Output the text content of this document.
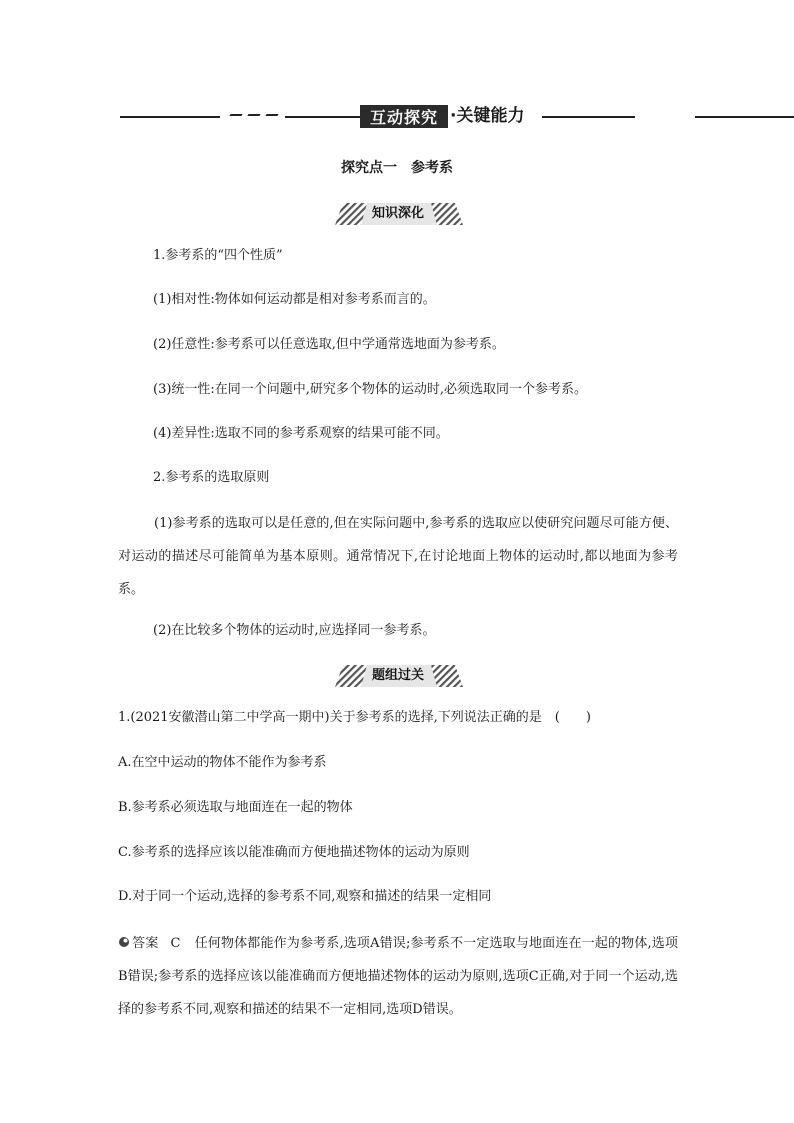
互动探究 ·关键能力
探究点一　参考系
知识深化
1.参考系的“四个性质”
(1)相对性:物体如何运动都是相对参考系而言的。
(2)任意性:参考系可以任意选取,但中学通常选地面为参考系。
(3)统一性:在同一个问题中,研究多个物体的运动时,必须选取同一个参考系。
(4)差异性:选取不同的参考系观察的结果可能不同。
2.参考系的选取原则
(1)参考系的选取可以是任意的,但在实际问题中,参考系的选取应以使研究问题尽可能方便、对运动的描述尽可能简单为基本原则。通常情况下,在讨论地面上物体的运动时,都以地面为参考系。
(2)在比较多个物体的运动时,应选择同一参考系。
题组过关
1.(2021安徽潜山第二中学高一期中)关于参考系的选择,下列说法正确的是　(　　)
A.在空中运动的物体不能作为参考系
B.参考系必须选取与地面连在一起的物体
C.参考系的选择应该以能准确而方便地描述物体的运动为原则
D.对于同一个运动,选择的参考系不同,观察和描述的结果一定相同
答案 C 任何物体都能作为参考系,选项A错误;参考系不一定选取与地面连在一起的物体,选项B错误;参考系的选择应该以能准确而方便地描述物体的运动为原则,选项C正确,对于同一个运动,选择的参考系不同,观察和描述的结果不一定相同,选项D错误。
